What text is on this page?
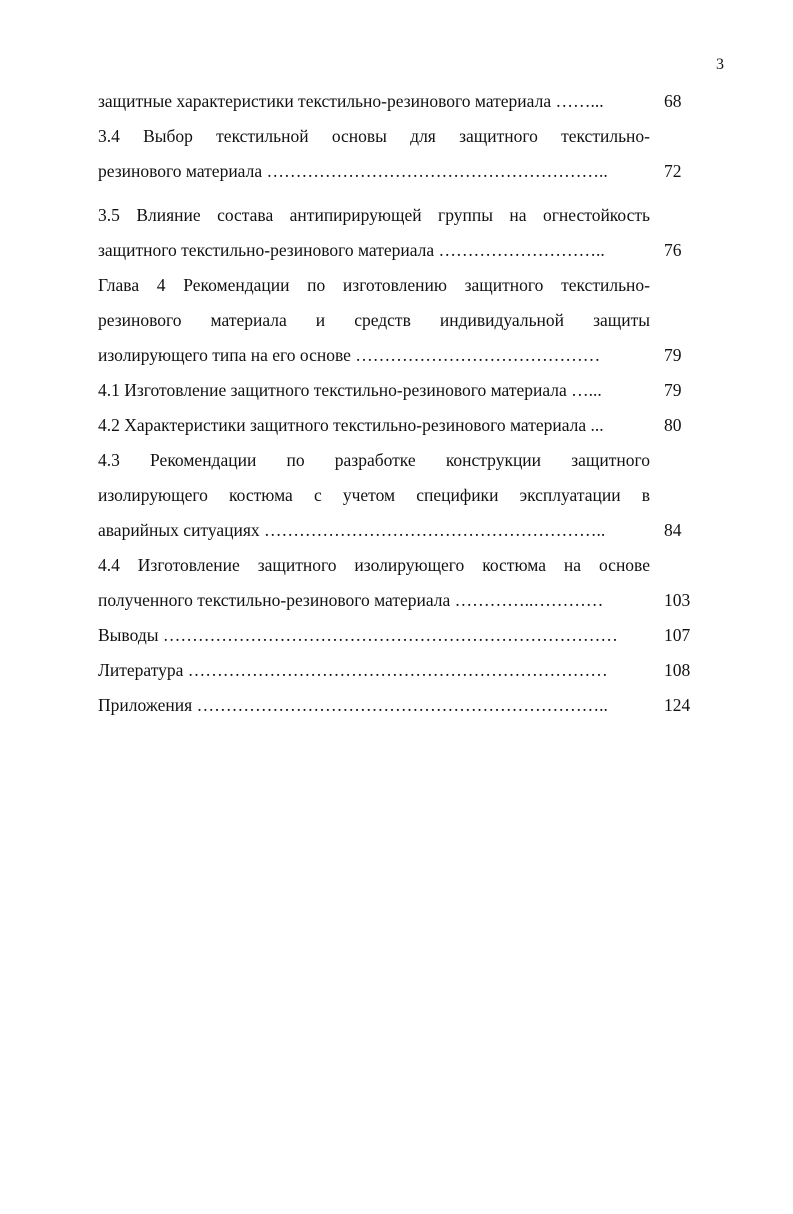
3
защитные характеристики текстильно-резинового материала ……...	68
3.4 Выбор текстильной основы для защитного текстильно-
резинового материала …………………………………………………..	72
3.5 Влияние состава антипирирующей группы на огнестойкость
защитного текстильно-резинового материала ………………………..	76
Глава 4 Рекомендации по изготовлению защитного текстильно-
резинового материала и средств индивидуальной защиты
изолирующего типа на его основе ……………………………………	79
4.1 Изготовление защитного текстильно-резинового материала …...	79
4.2 Характеристики защитного текстильно-резинового материала ...	80
4.3 Рекомендации по разработке конструкции защитного
изолирующего костюма с учетом специфики эксплуатации в
аварийных ситуациях …………………………………………………..	84
4.4 Изготовление защитного изолирующего костюма на основе
полученного текстильно-резинового материала …………..…………	103
Выводы ……………………………………………………………………	107
Литература ………………………………………………………………	108
Приложения ……………………………………………………………..	124
